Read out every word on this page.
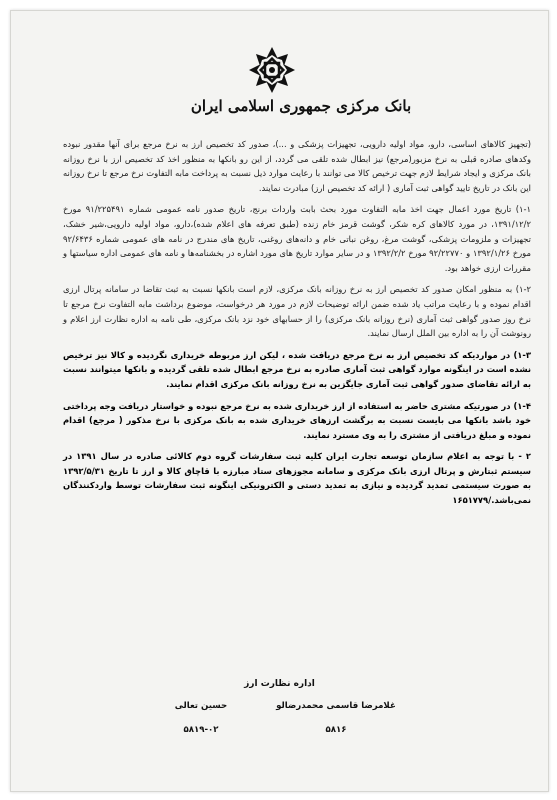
بانک مرکزی جمهوری اسلامی ایران

(تجهیز کالاهای اساسی، دارو، مواد اولیه دارویی، تجهیزات پزشکی و ...)، صدور کد تخصیص ارز به نرخ مرجع برای آنها مقدور نبوده وکدهای صادره قبلی به نرخ مزبور(مرجع) نیز ابطال شده تلقی می گردد، از این رو بانکها به منظور اخذ کد تخصیص ارز با نرخ روزانه بانک مرکزی و ایجاد شرایط لازم جهت ترخیص کالا می توانند با رعایت موارد ذیل نسبت به پرداخت مابه التفاوت نرخ مرجع تا نرخ روزانه این بانک در تاریخ تایید گواهی ثبت آماری ( ارائه کد تخصیص ارز) مبادرت نمایند.

۱-۱) تاریخ مورد اعمال جهت اخذ مابه التفاوت مورد بحث بابت واردات برنج، تاریخ صدور نامه عمومی شماره ۹۱/۲۲۵۴۹۱ مورخ ۱۳۹۱/۱۲/۲، در مورد کالاهای کره شکر، گوشت قرمز خام زنده (طبق تعرفه های اعلام شده)،دارو، مواد اولیه دارویی،شیر خشک، تجهیزات و ملزومات پزشکی، گوشت مرغ، روغن نباتی خام و دانه‌های روغنی، تاریخ های مندرج در نامه های عمومی شماره ۹۲/۶۴۳۶ مورخ ۱۳۹۲/۱/۲۶ و ۹۲/۲۲۷۷۰ مورخ ۱۳۹۲/۲/۲ و در سایر موارد تاریخ های مورد اشاره در بخشنامه‌ها و نامه های عمومی اداره سیاستها و مقررات ارزی خواهد بود.

۱-۲) به منظور امکان صدور کد تخصیص ارز به نرخ روزانه بانک مرکزی، لازم است بانکها نسبت به ثبت تقاضا در سامانه پرتال ارزی اقدام نموده و با رعایت مراتب یاد شده ضمن ارائه توضیحات لازم در مورد هر درخواست، موضوع برداشت مابه التفاوت نرخ مرجع تا نرخ روز صدور گواهی ثبت آماری (نرخ روزانه بانک مرکزی) را از حسابهای خود نزد بانک مرکزی، طی نامه به اداره نظارت ارز اعلام و رونوشت آن را به اداره بین الملل ارسال نمایند.

۱-۳) در مواردیکه کد تخصیص ارز به نرخ مرجع دریافت شده ، لیکن ارز مربوطه خریداری نگردیده و کالا نیز ترخیص نشده است در اینگونه موارد گواهی ثبت آماری صادره به نرخ مرجع ابطال شده تلقی گردیده و بانکها میتوانند نسبت به ارائه تقاضای صدور گواهی ثبت آماری جایگزین به نرخ روزانه بانک مرکزی اقدام نمایند.

۱-۴) در صورتیکه مشتری حاضر به استفاده از ارز خریداری شده به نرخ مرجع نبوده و خواستار دریافت وجه پرداختی خود باشد بانکها می بایست نسبت به برگشت ارزهای خریداری شده به بانک مرکزی با نرخ مذکور ( مرجع) اقدام نموده و مبلغ دریافتی از مشتری را به وی مسترد نمایند.

۲ - با توجه به اعلام سازمان توسعه تجارت ایران کلیه ثبت سفارشات گروه دوم کالائی صادره در سال ۱۳۹۱ در سیستم ثبتارش و پرتال ارزی بانک مرکزی و سامانه مجوزهای ستاد مبارزه با قاچاق کالا و ارز تا تاریخ ۱۳۹۲/۵/۳۱ به صورت سیستمی تمدید گردیده و نیازی به تمدید دستی و الکترونیکی اینگونه ثبت سفارشات توسط واردکنندگان نمی‌باشد./۱۶۵۱۷۷۹

اداره نظارت ارز
غلامرضا قاسمی محمدرضالو
۵۸۱۶
حسین تعالی
۵۸۱۹-۰۲
